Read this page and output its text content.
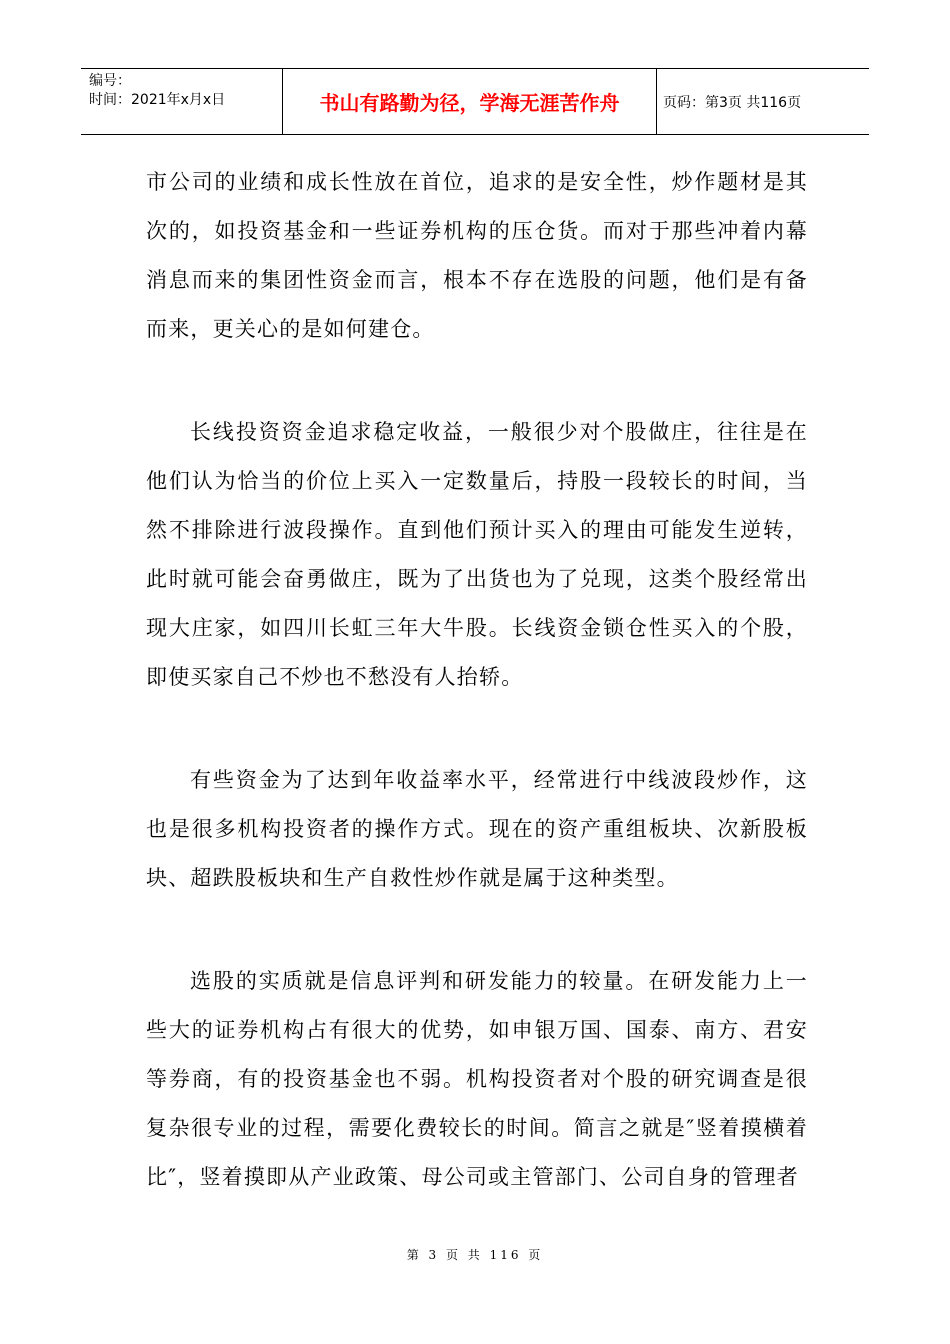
编号：
时间：2021年x月x日	书山有路勤为径，学海无涯苦作舟	页码：第3页 共116页

市公司的业绩和成长性放在首位，追求的是安全性，炒作题材是其次的，如投资基金和一些证券机构的压仓货。而对于那些冲着内幕消息而来的集团性资金而言，根本不存在选股的问题，他们是有备而来，更关心的是如何建仓。

长线投资资金追求稳定收益，一般很少对个股做庄，往往是在他们认为恰当的价位上买入一定数量后，持股一段较长的时间，当然不排除进行波段操作。直到他们预计买入的理由可能发生逆转，此时就可能会奋勇做庄，既为了出货也为了兑现，这类个股经常出现大庄家，如四川长虹三年大牛股。长线资金锁仓性买入的个股，即使买家自己不炒也不愁没有人抬轿。

有些资金为了达到年收益率水平，经常进行中线波段炒作，这也是很多机构投资者的操作方式。现在的资产重组板块、次新股板块、超跌股板块和生产自救性炒作就是属于这种类型。

选股的实质就是信息评判和研发能力的较量。在研发能力上一些大的证券机构占有很大的优势，如申银万国、国泰、南方、君安等券商，有的投资基金也不弱。机构投资者对个股的研究调查是很复杂很专业的过程，需要化费较长的时间。简言之就是″竖着摸横着比″，竖着摸即从产业政策、母公司或主管部门、公司自身的管理者

第 3 页 共 116 页
